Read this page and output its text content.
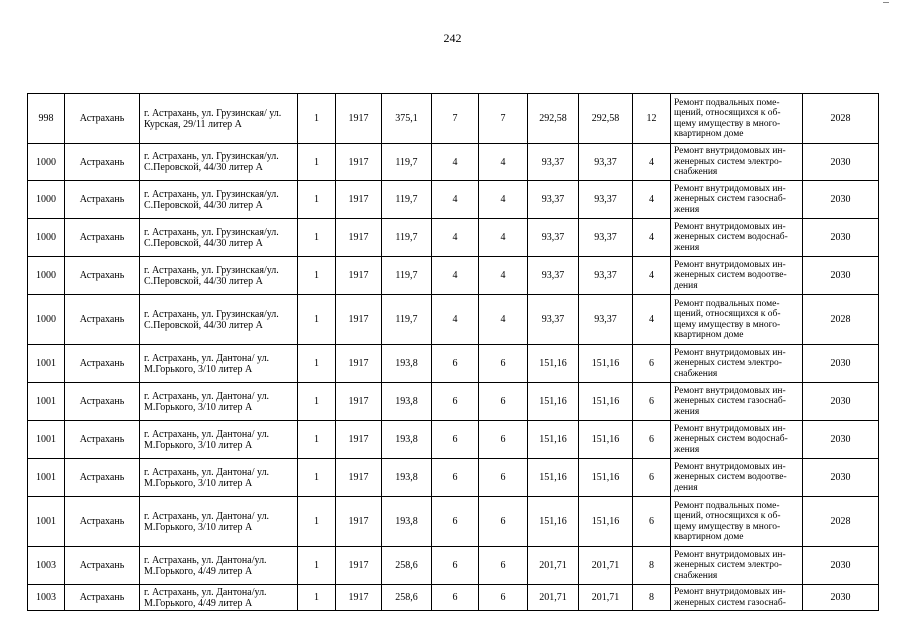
242
998	Астрахань	г. Астрахань, ул. Грузинская/ ул. Курская, 29/11 литер А	1	1917	375,1	7	7	292,58	292,58	12	Ремонт подвальных поме- щений, относящихся к об- щему имуществу в много- квартирном доме	2028
1000	Астрахань	г. Астрахань, ул. Грузинская/ул. С.Перовской, 44/30 литер А	1	1917	119,7	4	4	93,37	93,37	4	Ремонт внутридомовых ин- женерных систем электро- снабжения	2030
1000	Астрахань	г. Астрахань, ул. Грузинская/ул. С.Перовской, 44/30 литер А	1	1917	119,7	4	4	93,37	93,37	4	Ремонт внутридомовых ин- женерных систем газоснаб- жения	2030
1000	Астрахань	г. Астрахань, ул. Грузинская/ул. С.Перовской, 44/30 литер А	1	1917	119,7	4	4	93,37	93,37	4	Ремонт внутридомовых ин- женерных систем водоснаб- жения	2030
1000	Астрахань	г. Астрахань, ул. Грузинская/ул. С.Перовской, 44/30 литер А	1	1917	119,7	4	4	93,37	93,37	4	Ремонт внутридомовых ин- женерных систем водоотве- дения	2030
1000	Астрахань	г. Астрахань, ул. Грузинская/ул. С.Перовской, 44/30 литер А	1	1917	119,7	4	4	93,37	93,37	4	Ремонт подвальных поме- щений, относящихся к об- щему имуществу в много- квартирном доме	2028
1001	Астрахань	г. Астрахань, ул. Дантона/ ул. М.Горького, 3/10 литер А	1	1917	193,8	6	6	151,16	151,16	6	Ремонт внутридомовых ин- женерных систем электро- снабжения	2030
1001	Астрахань	г. Астрахань, ул. Дантона/ ул. М.Горького, 3/10 литер А	1	1917	193,8	6	6	151,16	151,16	6	Ремонт внутридомовых ин- женерных систем газоснаб- жения	2030
1001	Астрахань	г. Астрахань, ул. Дантона/ ул. М.Горького, 3/10 литер А	1	1917	193,8	6	6	151,16	151,16	6	Ремонт внутридомовых ин- женерных систем водоснаб- жения	2030
1001	Астрахань	г. Астрахань, ул. Дантона/ ул. М.Горького, 3/10 литер А	1	1917	193,8	6	6	151,16	151,16	6	Ремонт внутридомовых ин- женерных систем водоотве- дения	2030
1001	Астрахань	г. Астрахань, ул. Дантона/ ул. М.Горького, 3/10 литер А	1	1917	193,8	6	6	151,16	151,16	6	Ремонт подвальных поме- щений, относящихся к об- щему имуществу в много- квартирном доме	2028
1003	Астрахань	г. Астрахань, ул. Дантона/ул. М.Горького, 4/49 литер А	1	1917	258,6	6	6	201,71	201,71	8	Ремонт внутридомовых ин- женерных систем электро- снабжения	2030
1003	Астрахань	г. Астрахань, ул. Дантона/ул. М.Горького, 4/49 литер А	1	1917	258,6	6	6	201,71	201,71	8	Ремонт внутридомовых ин- женерных систем газоснаб-	2030
